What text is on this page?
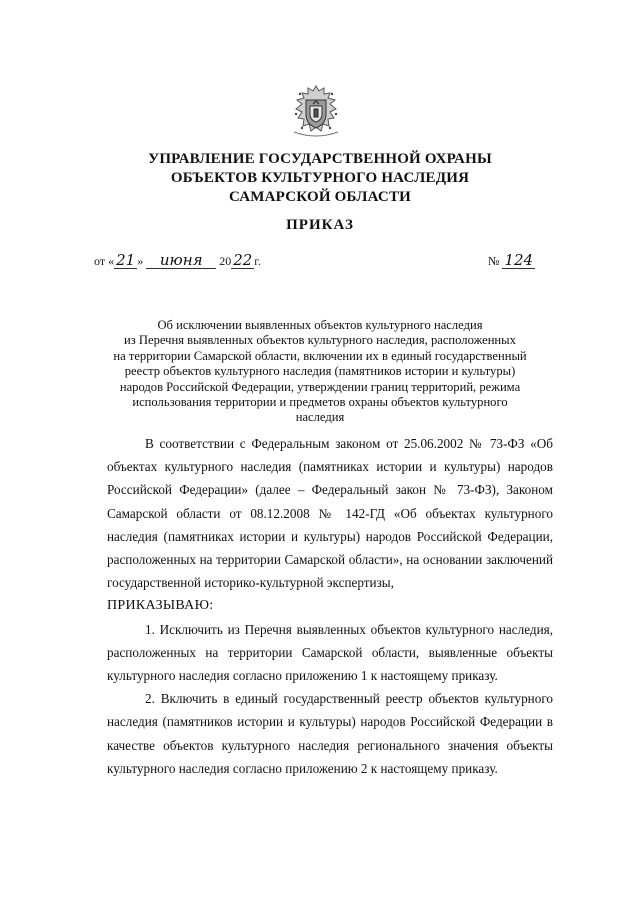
УПРАВЛЕНИЕ ГОСУДАРСТВЕННОЙ ОХРАНЫ
ОБЪЕКТОВ КУЛЬТУРНОГО НАСЛЕДИЯ
САМАРСКОЙ ОБЛАСТИ
ПРИКАЗ
от « 21 » июня 20 22 г.	№ 124
Об исключении выявленных объектов культурного наследия
из Перечня выявленных объектов культурного наследия, расположенных
на территории Самарской области, включении их в единый государственный
реестр объектов культурного наследия (памятников истории и культуры)
народов Российской Федерации, утверждении границ территорий, режима
использования территории и предметов охраны объектов культурного
наследия

В соответствии с Федеральным законом от 25.06.2002 № 73-ФЗ «Об объектах культурного наследия (памятниках истории и культуры) народов Российской Федерации» (далее – Федеральный закон № 73-ФЗ), Законом Самарской области от 08.12.2008 № 142-ГД «Об объектах культурного наследия (памятниках истории и культуры) народов Российской Федерации, расположенных на территории Самарской области», на основании заключений государственной историко-культурной экспертизы,

ПРИКАЗЫВАЮ:

1. Исключить из Перечня выявленных объектов культурного наследия, расположенных на территории Самарской области, выявленные объекты культурного наследия согласно приложению 1 к настоящему приказу.

2. Включить в единый государственный реестр объектов культурного наследия (памятников истории и культуры) народов Российской Федерации в качестве объектов культурного наследия регионального значения объекты культурного наследия согласно приложению 2 к настоящему приказу.
